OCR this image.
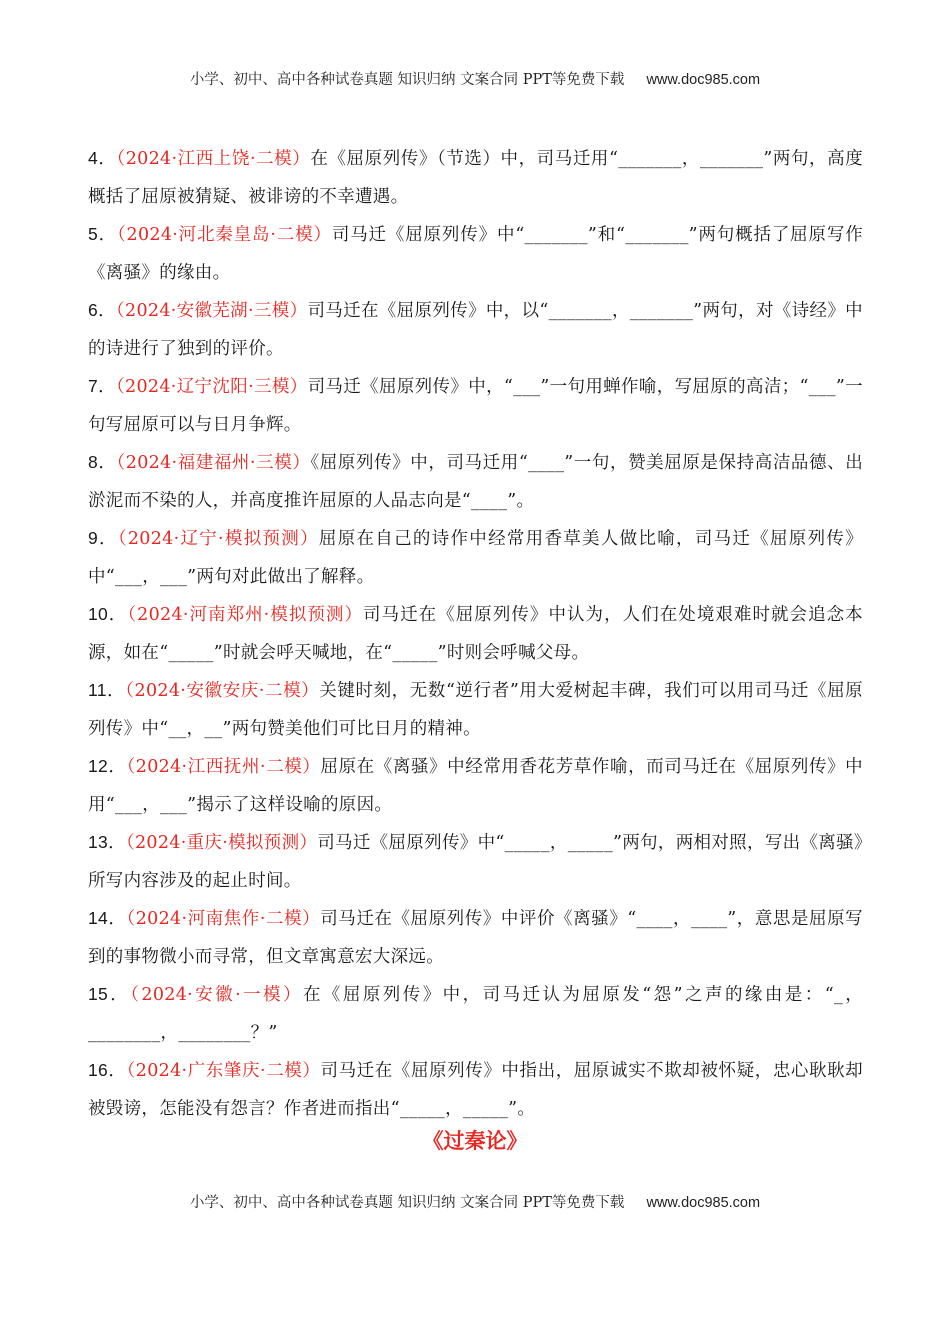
小学、初中、高中各种试卷真题 知识归纳 文案合同 PPT等免费下载 www.doc985.com
4．（2024·江西上饶·二模）在《屈原列传》（节选）中，司马迁用“_______，_______”两句，高度概括了屈原被猜疑、被诽谤的不幸遭遇。
5．（2024·河北秦皇岛·二模）司马迁《屈原列传》中“_______”和“_______”两句概括了屈原写作《离骚》的缘由。
6．（2024·安徽芜湖·三模）司马迁在《屈原列传》中，以“_______，_______”两句，对《诗经》中的诗进行了独到的评价。
7．（2024·辽宁沈阳·三模）司马迁《屈原列传》中，“___”一句用蝉作喻，写屈原的高洁；“___”一句写屈原可以与日月争辉。
8．（2024·福建福州·三模）《屈原列传》中，司马迁用“____”一句，赞美屈原是保持高洁品德、出淤泥而不染的人，并高度推许屈原的人品志向是“____”。
9．（2024·辽宁·模拟预测）屈原在自己的诗作中经常用香草美人做比喻，司马迁《屈原列传》中“___，___”两句对此做出了解释。
10．（2024·河南郑州·模拟预测）司马迁在《屈原列传》中认为，人们在处境艰难时就会追念本源，如在“_____”时就会呼天喊地，在“_____”时则会呼喊父母。
11．（2024·安徽安庆·二模）关键时刻，无数“逆行者”用大爱树起丰碑，我们可以用司马迁《屈原列传》中“__，__”两句赞美他们可比日月的精神。
12．（2024·江西抚州·二模）屈原在《离骚》中经常用香花芳草作喻，而司马迁在《屈原列传》中用“___，___”揭示了这样设喻的原因。
13．（2024·重庆·模拟预测）司马迁《屈原列传》中“_____，_____”两句，两相对照，写出《离骚》所写内容涉及的起止时间。
14．（2024·河南焦作·二模）司马迁在《屈原列传》中评价《离骚》“____，____”，意思是屈原写到的事物微小而寻常，但文章寓意宏大深远。
15．（2024·安徽·一模）在《屈原列传》中，司马迁认为屈原发“怨”之声的缘由是：“_，________，________？”
16．（2024·广东肇庆·二模）司马迁在《屈原列传》中指出，屈原诚实不欺却被怀疑，忠心耿耿却被毁谤，怎能没有怨言？作者进而指出“_____，_____”。
《过秦论》
小学、初中、高中各种试卷真题 知识归纳 文案合同 PPT等免费下载 www.doc985.com
